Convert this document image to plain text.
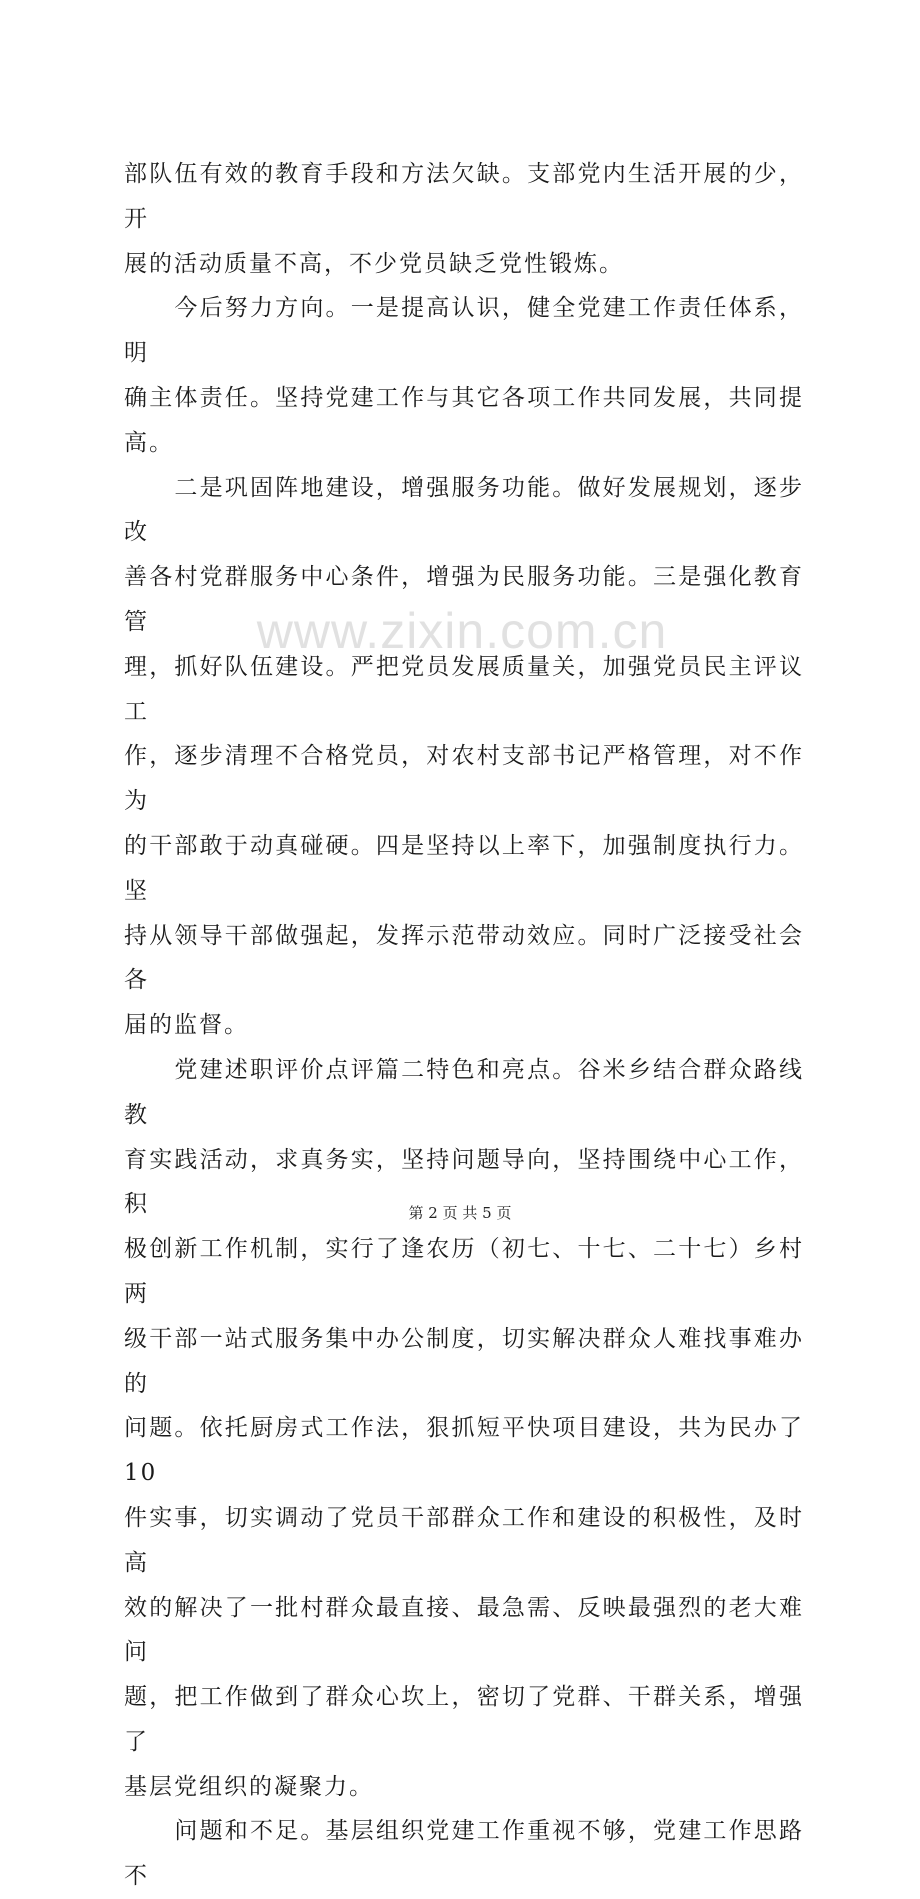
部队伍有效的教育手段和方法欠缺。支部党内生活开展的少，开
展的活动质量不高，不少党员缺乏党性锻炼。

　　今后努力方向。一是提高认识，健全党建工作责任体系，明
确主体责任。坚持党建工作与其它各项工作共同发展，共同提高。

　　二是巩固阵地建设，增强服务功能。做好发展规划，逐步改
善各村党群服务中心条件，增强为民服务功能。三是强化教育管
理，抓好队伍建设。严把党员发展质量关，加强党员民主评议工
作，逐步清理不合格党员，对农村支部书记严格管理，对不作为
的干部敢于动真碰硬。四是坚持以上率下，加强制度执行力。坚
持从领导干部做强起，发挥示范带动效应。同时广泛接受社会各
届的监督。

　　党建述职评价点评篇二特色和亮点。谷米乡结合群众路线教
育实践活动，求真务实，坚持问题导向，坚持围绕中心工作，积
极创新工作机制，实行了逢农历（初七、十七、二十七）乡村两
级干部一站式服务集中办公制度，切实解决群众人难找事难办的
问题。依托厨房式工作法，狠抓短平快项目建设，共为民办了 10
件实事，切实调动了党员干部群众工作和建设的积极性，及时高
效的解决了一批村群众最直接、最急需、反映最强烈的老大难问
题，把工作做到了群众心坎上，密切了党群、干群关系，增强了
基层党组织的凝聚力。

　　问题和不足。基层组织党建工作重视不够，党建工作思路不

www.zixin.com.cn
第 2 页 共 5 页
